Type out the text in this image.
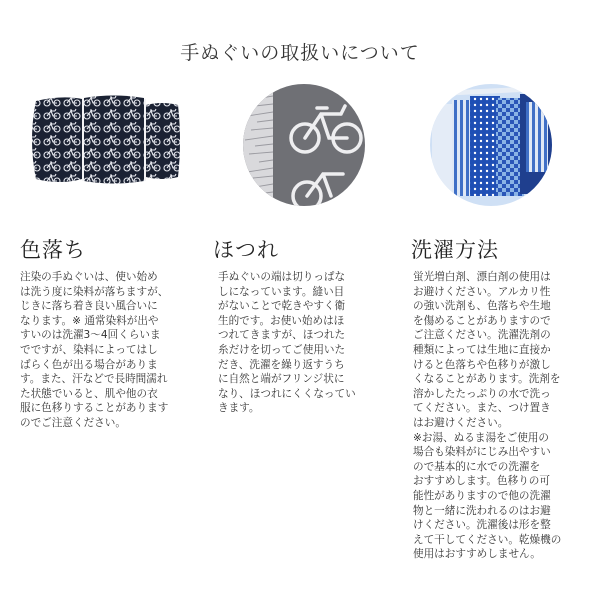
手ぬぐいの取扱いについて
色落ち

注染の手ぬぐいは、使い始め

は洗う度に染料が落ちますが、

じきに落ち着き良い風合いに

なります。※ 通常染料が出や

すいのは洗濯3〜4回くらいま

でですが、染料によってはし

ばらく色が出る場合がありま

す。また、汗などで長時間濡れ

た状態でいると、肌や他の衣

服に色移りすることがあります

のでご注意ください。

ほつれ

手ぬぐいの端は切りっぱな

しになっています。縫い目

がないことで乾きやすく衛

生的です。お使い始めはほ

つれてきますが、ほつれた

糸だけを切ってご使用いた

だき、洗濯を繰り返すうち

に自然と端がフリンジ状に

なり、ほつれにくくなってい

きます。

洗濯方法

蛍光増白剤、漂白剤の使用は

お避けください。アルカリ性

の強い洗剤も、色落ちや生地

を傷めることがありますので

ご注意ください。洗濯洗剤の

種類によっては生地に直接か

けると色落ちや色移りが激し

くなることがあります。洗剤を

溶かしたたっぷりの水で洗っ

てください。また、つけ置き

はお避けください。

※お湯、ぬるま湯をご使用の

場合も染料がにじみ出やすい

ので基本的に水での洗濯を

おすすめします。色移りの可

能性がありますので他の洗濯

物と一緒に洗われるのはお避

けください。洗濯後は形を整

えて干してください。乾燥機の

使用はおすすめしません。
